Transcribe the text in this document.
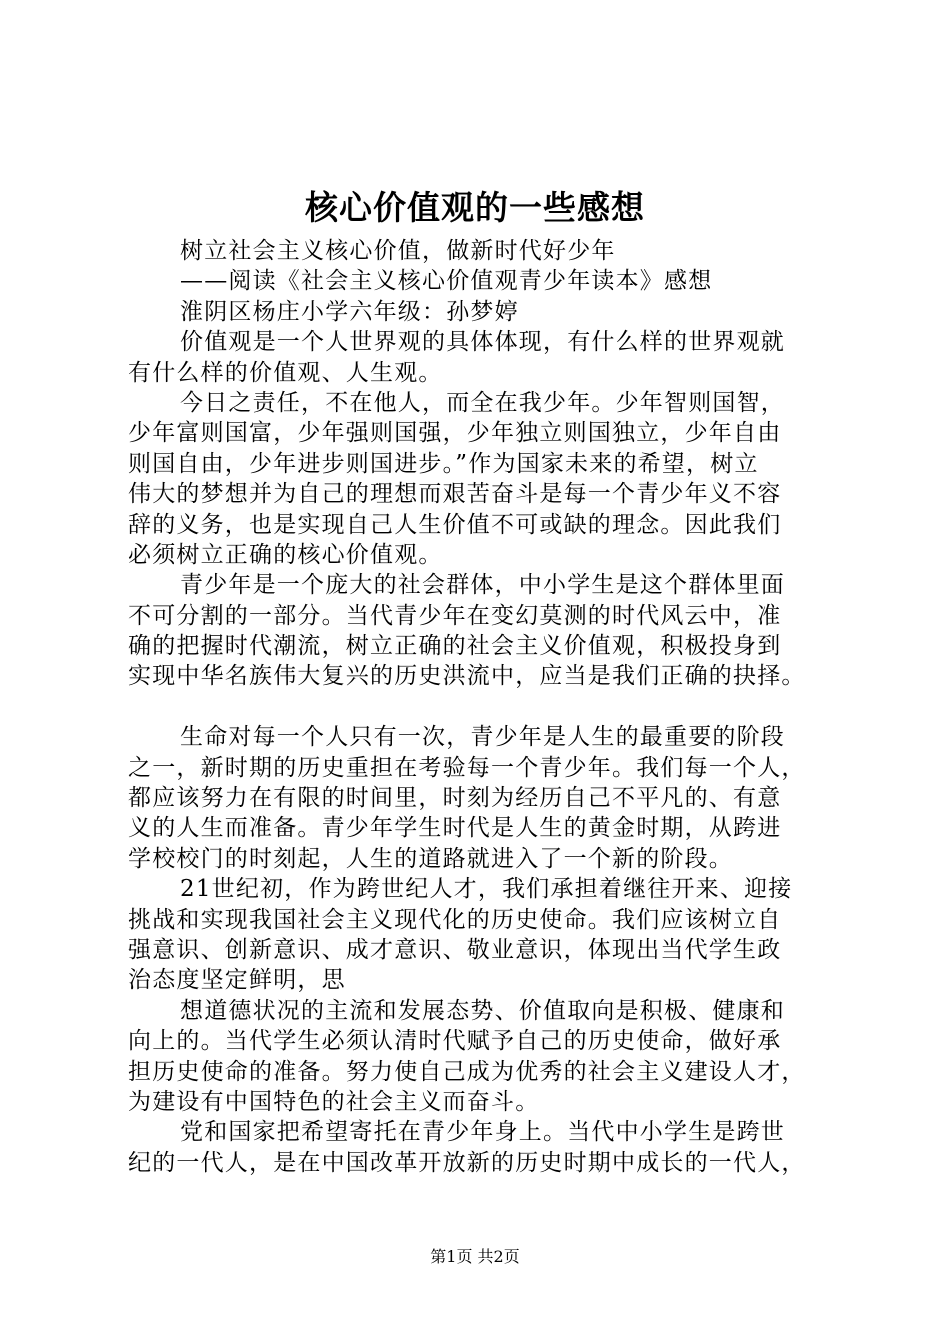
核心价值观的一些感想
树立社会主义核心价值，做新时代好少年
——阅读《社会主义核心价值观青少年读本》感想
淮阴区杨庄小学六年级：孙梦婷
价值观是一个人世界观的具体体现，有什么样的世界观就
有什么样的价值观、人生观。
今日之责任，不在他人，而全在我少年。少年智则国智，
少年富则国富，少年强则国强，少年独立则国独立，少年自由
则国自由，少年进步则国进步。”作为国家未来的希望，树立
伟大的梦想并为自己的理想而艰苦奋斗是每一个青少年义不容
辞的义务，也是实现自己人生价值不可或缺的理念。因此我们
必须树立正确的核心价值观。
青少年是一个庞大的社会群体，中小学生是这个群体里面
不可分割的一部分。当代青少年在变幻莫测的时代风云中，准
确的把握时代潮流，树立正确的社会主义价值观，积极投身到
实现中华名族伟大复兴的历史洪流中，应当是我们正确的抉择。
生命对每一个人只有一次，青少年是人生的最重要的阶段
之一，新时期的历史重担在考验每一个青少年。我们每一个人，
都应该努力在有限的时间里，时刻为经历自己不平凡的、有意
义的人生而准备。青少年学生时代是人生的黄金时期，从跨进
学校校门的时刻起，人生的道路就进入了一个新的阶段。
21世纪初，作为跨世纪人才，我们承担着继往开来、迎接
挑战和实现我国社会主义现代化的历史使命。我们应该树立自
强意识、创新意识、成才意识、敬业意识，体现出当代学生政
治态度坚定鲜明，思
想道德状况的主流和发展态势、价值取向是积极、健康和
向上的。当代学生必须认清时代赋予自己的历史使命，做好承
担历史使命的准备。努力使自己成为优秀的社会主义建设人才，
为建设有中国特色的社会主义而奋斗。
党和国家把希望寄托在青少年身上。当代中小学生是跨世
纪的一代人，是在中国改革开放新的历史时期中成长的一代人，
第1页 共2页
